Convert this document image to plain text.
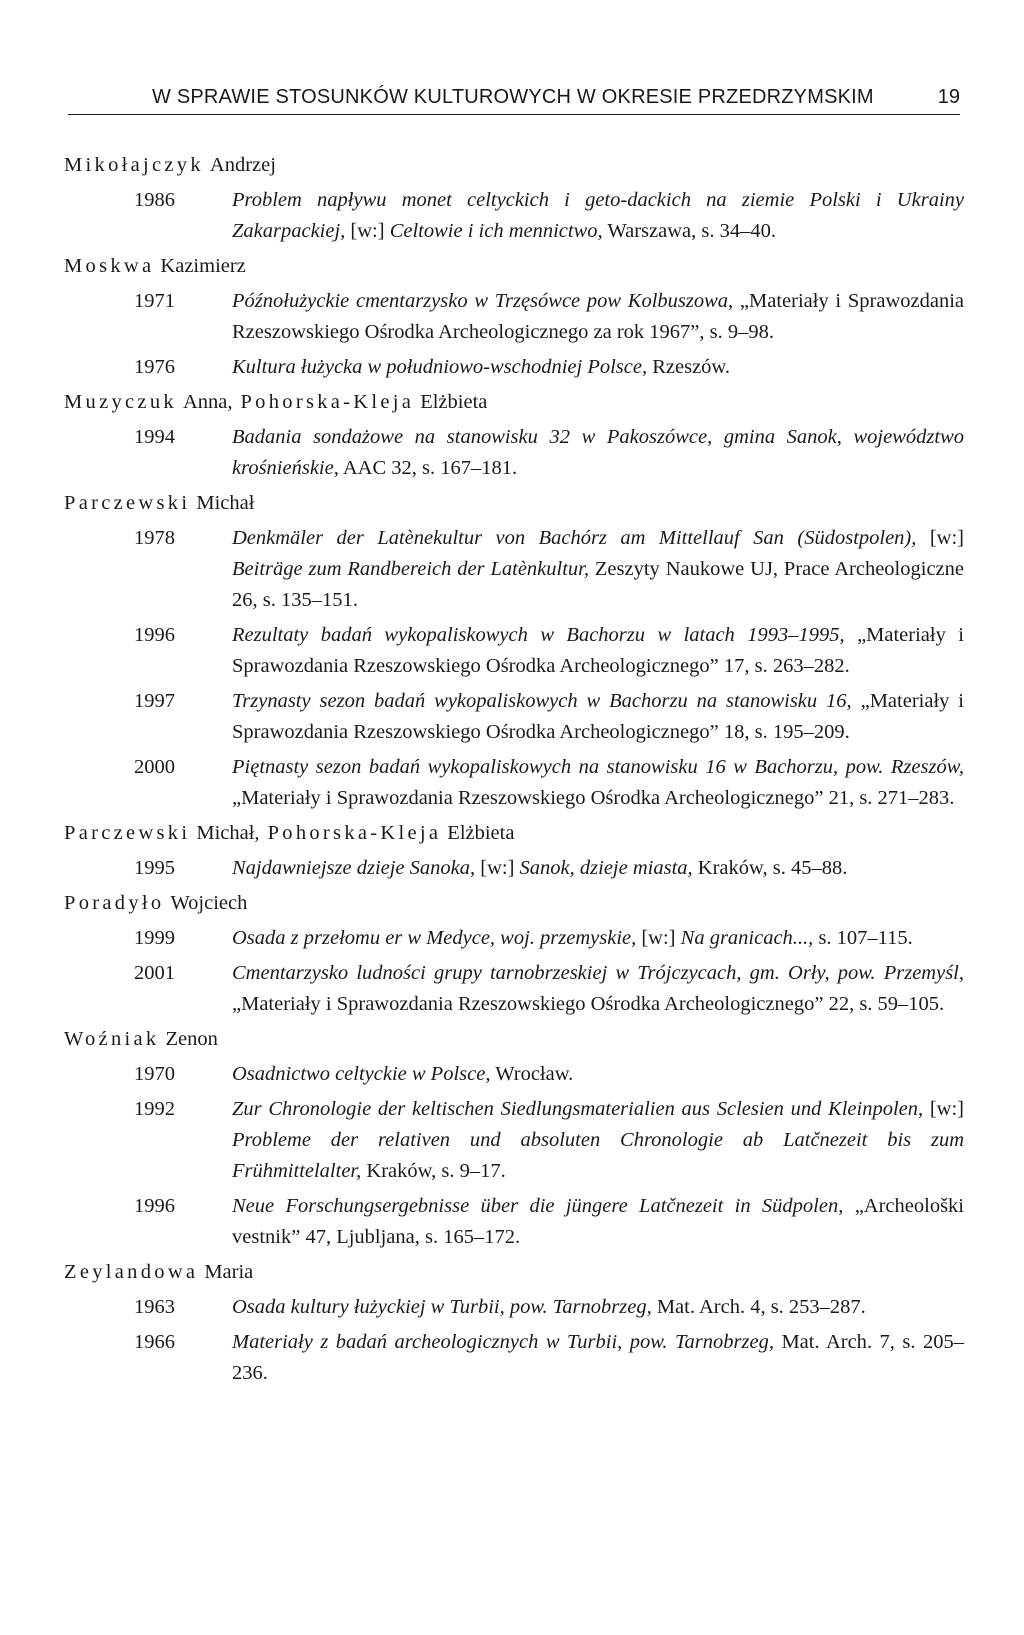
W SPRAWIE STOSUNKÓW KULTUROWYCH W OKRESIE PRZEDRZYMSKIM	19
Mikołajczyk Andrzej
1986	Problem napływu monet celtyckich i geto-dackich na ziemie Polski i Ukrainy Zakarpackiej, [w:] Celtowie i ich mennictwo, Warszawa, s. 34–40.
Moskwa Kazimierz
1971	Późnołużyckie cmentarzysko w Trzęsówce pow Kolbuszowa, „Materiały i Sprawozdania Rzeszowskiego Ośrodka Archeologicznego za rok 1967”, s. 9–98.
1976	Kultura łużycka w południowo-wschodniej Polsce, Rzeszów.
Muzyczuk Anna, Pohorska-Kleja Elżbieta
1994	Badania sondażowe na stanowisku 32 w Pakoszówce, gmina Sanok, województwo krośnieńskie, AAC 32, s. 167–181.
Parczewski Michał
1978	Denkmäler der Latènekultur von Bachórz am Mittellauf San (Südostpolen), [w:] Beiträge zum Randbereich der Latènkultur, Zeszyty Naukowe UJ, Prace Archeologiczne 26, s. 135–151.
1996	Rezultaty badań wykopaliskowych w Bachorzu w latach 1993–1995, „Materiały i Sprawozdania Rzeszowskiego Ośrodka Archeologicznego” 17, s. 263–282.
1997	Trzynasty sezon badań wykopaliskowych w Bachorzu na stanowisku 16, „Materiały i Sprawozdania Rzeszowskiego Ośrodka Archeologicznego” 18, s. 195–209.
2000	Piętnasty sezon badań wykopaliskowych na stanowisku 16 w Bachorzu, pow. Rzeszów, „Materiały i Sprawozdania Rzeszowskiego Ośrodka Archeologicznego” 21, s. 271–283.
Parczewski Michał, Pohorska-Kleja Elżbieta
1995	Najdawniejsze dzieje Sanoka, [w:] Sanok, dzieje miasta, Kraków, s. 45–88.
Poradyło Wojciech
1999	Osada z przełomu er w Medyce, woj. przemyskie, [w:] Na granicach..., s. 107–115.
2001	Cmentarzysko ludności grupy tarnobrzeskiej w Trójczycach, gm. Orły, pow. Przemyśl, „Materiały i Sprawozdania Rzeszowskiego Ośrodka Archeologicznego” 22, s. 59–105.
Woźniak Zenon
1970	Osadnictwo celtyckie w Polsce, Wrocław.
1992	Zur Chronologie der keltischen Siedlungsmaterialien aus Sclesien und Kleinpolen, [w:] Probleme der relativen und absoluten Chronologie ab Latčnezeit bis zum Frühmittelalter, Kraków, s. 9–17.
1996	Neue Forschungsergebnisse über die jüngere Latčnezeit in Südpolen, „Archeološki vestnik” 47, Ljubljana, s. 165–172.
Zeylandowa Maria
1963	Osada kultury łużyckiej w Turbii, pow. Tarnobrzeg, Mat. Arch. 4, s. 253–287.
1966	Materiały z badań archeologicznych w Turbii, pow. Tarnobrzeg, Mat. Arch. 7, s. 205–236.
